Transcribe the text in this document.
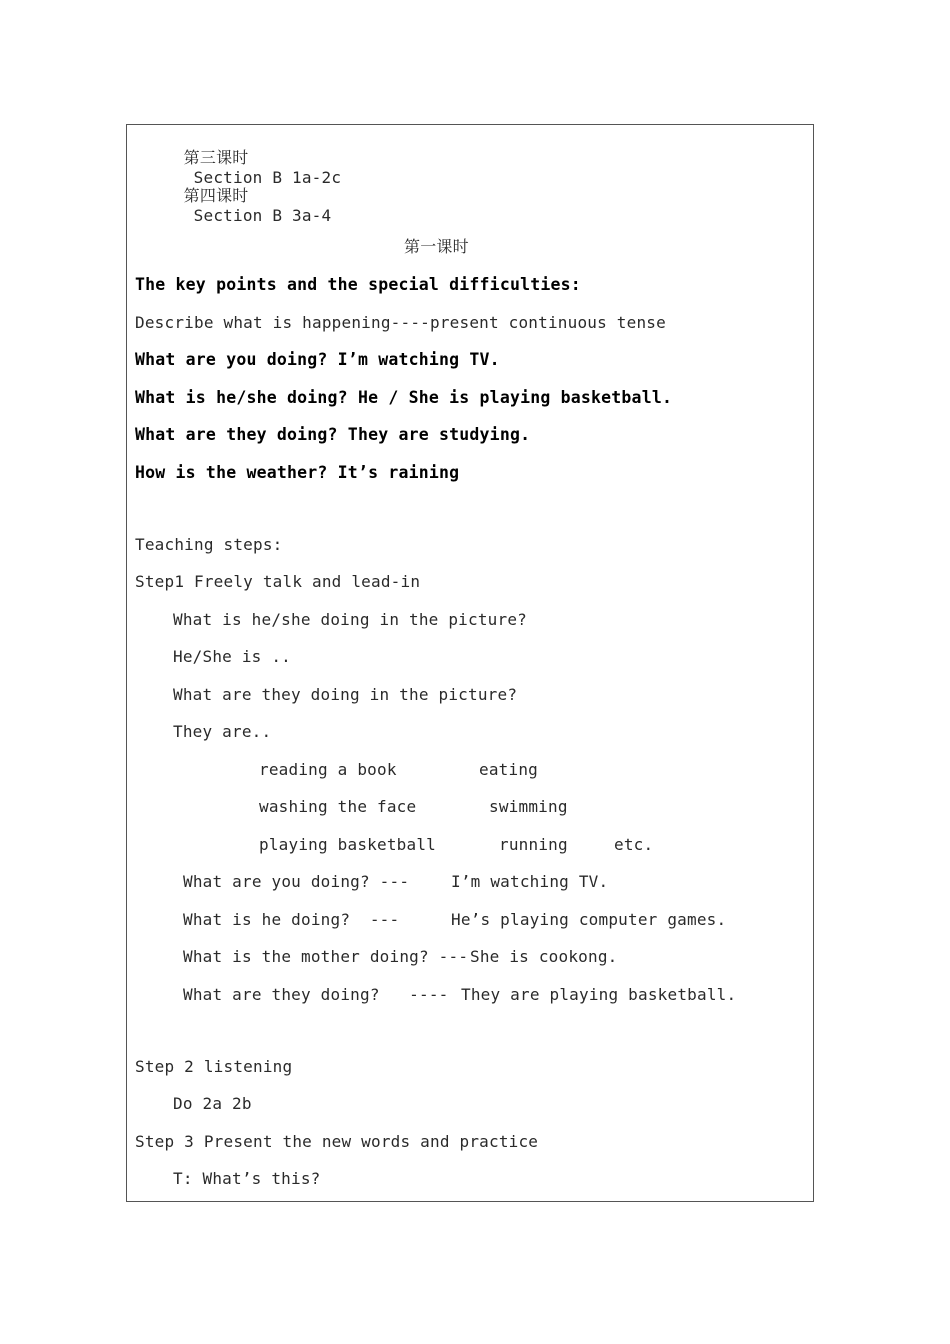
第三课时
Section B 1a-2c

第四课时
Section B 3a-4

第一课时
The key points and the special difficulties:
Describe what is happening----present continuous tense
What are you doing? I’m watching TV.
What is he/she doing? He / She is playing basketball.
What are they doing? They are studying.
How is the weather? It’s raining
Teaching steps:
Step1 Freely talk and lead-in
What is he/she doing in the picture?
He/She is ..
What are they doing in the picture?
They are..
reading a book	eating
washing the face	swimming
playing basketball	running	etc.
What are you doing? ---	I’m watching TV.
What is he doing?  ---	He’s playing computer games.
What is the mother doing? --- She is cookong.
What are they doing?   ---- They are playing basketball.
Step 2 listening
Do 2a 2b
Step 3 Present the new words and practice
T: What’s this?
